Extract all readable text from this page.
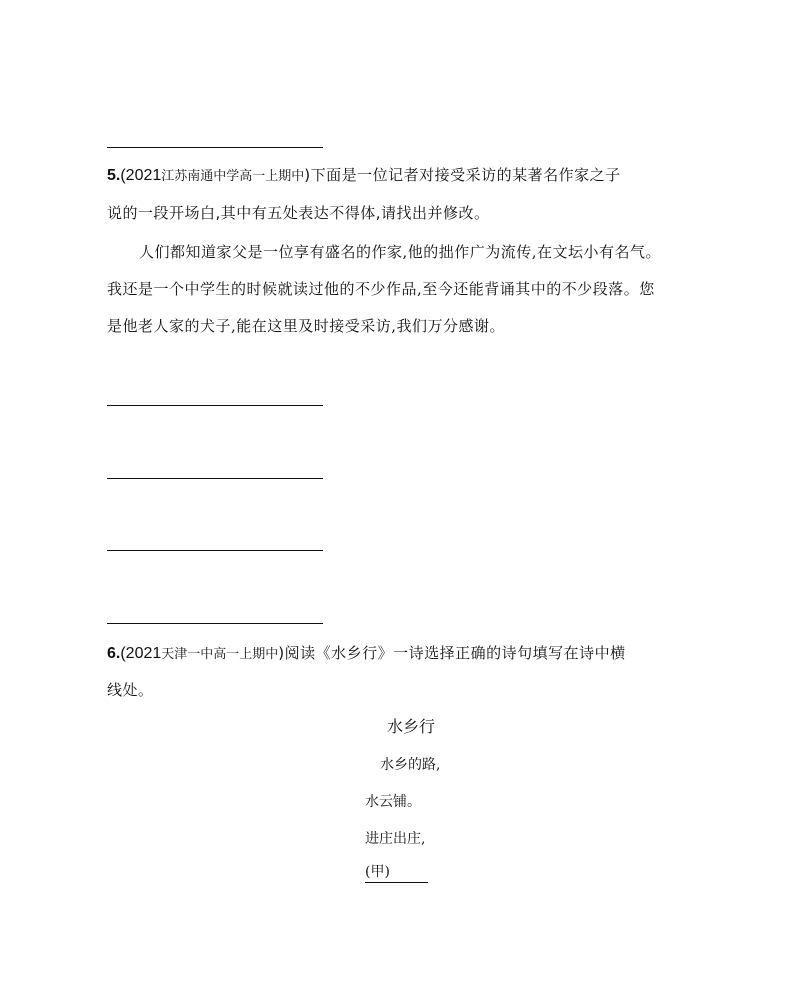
5.(2021江苏南通中学高一上期中)下面是一位记者对接受采访的某著名作家之子
说的一段开场白,其中有五处表达不得体,请找出并修改。
人们都知道家父是一位享有盛名的作家,他的拙作广为流传,在文坛小有名气。
我还是一个中学生的时候就读过他的不少作品,至今还能背诵其中的不少段落。您
是他老人家的犬子,能在这里及时接受采访,我们万分感谢。
6.(2021天津一中高一上期中)阅读《水乡行》一诗选择正确的诗句填写在诗中横
线处。
水乡行
水乡的路,
水云铺。
进庄出庄,
(甲)
